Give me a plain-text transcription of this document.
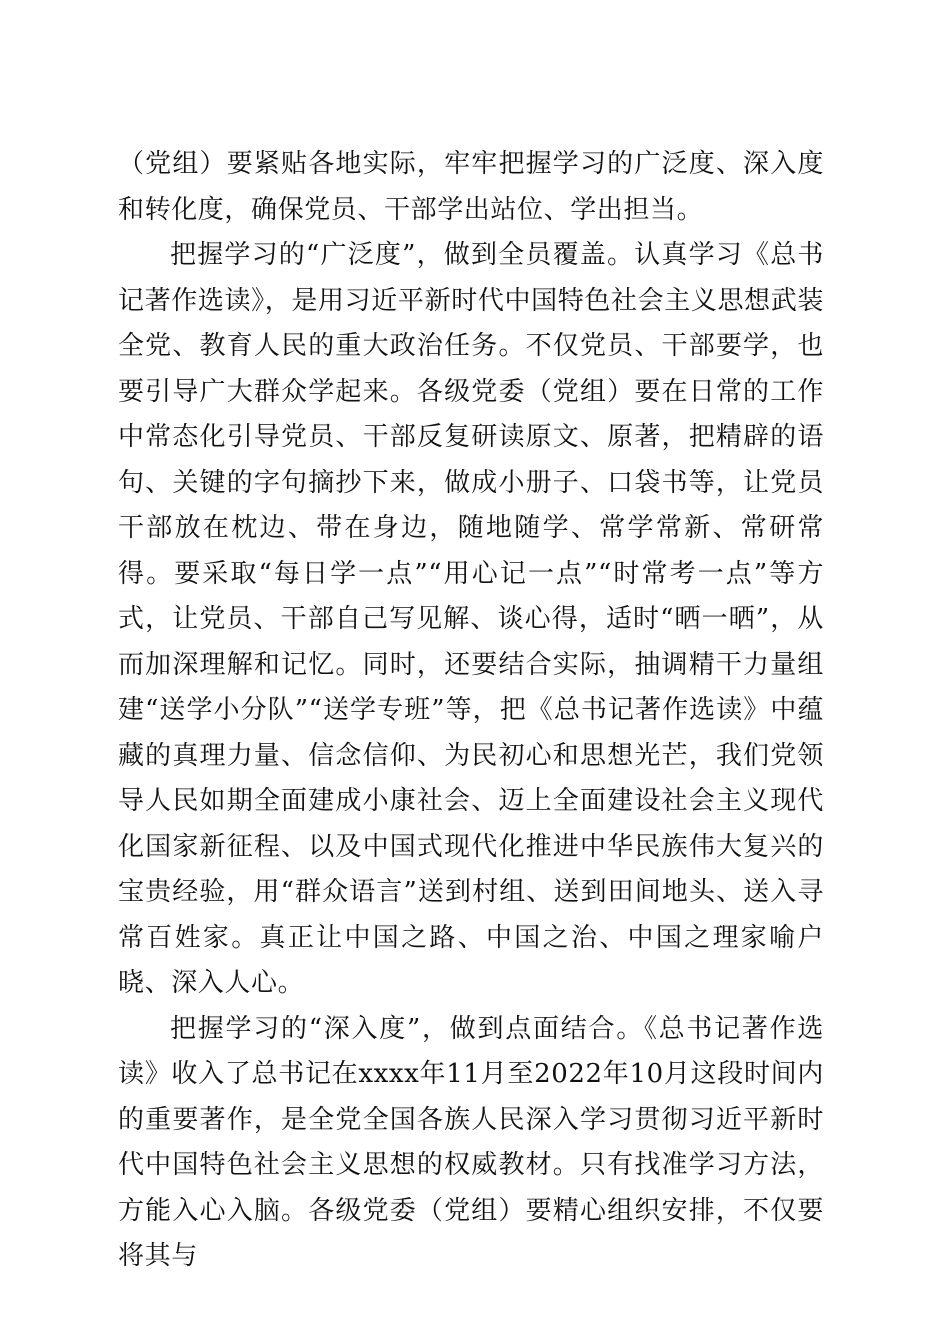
（党组）要紧贴各地实际，牢牢把握学习的广泛度、深入度和转化度，确保党员、干部学出站位、学出担当。

把握学习的“广泛度”，做到全员覆盖。认真学习《总书记著作选读》，是用习近平新时代中国特色社会主义思想武装全党、教育人民的重大政治任务。不仅党员、干部要学，也要引导广大群众学起来。各级党委（党组）要在日常的工作中常态化引导党员、干部反复研读原文、原著，把精辟的语句、关键的字句摘抄下来，做成小册子、口袋书等，让党员干部放在枕边、带在身边，随地随学、常学常新、常研常得。要采取“每日学一点”“用心记一点”“时常考一点”等方式，让党员、干部自己写见解、谈心得，适时“晒一晒”，从而加深理解和记忆。同时，还要结合实际，抽调精干力量组建“送学小分队”“送学专班”等，把《总书记著作选读》中蕴藏的真理力量、信念信仰、为民初心和思想光芒，我们党领导人民如期全面建成小康社会、迈上全面建设社会主义现代化国家新征程、以及中国式现代化推进中华民族伟大复兴的宝贵经验，用“群众语言”送到村组、送到田间地头、送入寻常百姓家。真正让中国之路、中国之治、中国之理家喻户晓、深入人心。

把握学习的“深入度”，做到点面结合。《总书记著作选读》收入了总书记在xxxx年11月至2022年10月这段时间内的重要著作，是全党全国各族人民深入学习贯彻习近平新时代中国特色社会主义思想的权威教材。只有找准学习方法，方能入心入脑。各级党委（党组）要精心组织安排，不仅要将其与
